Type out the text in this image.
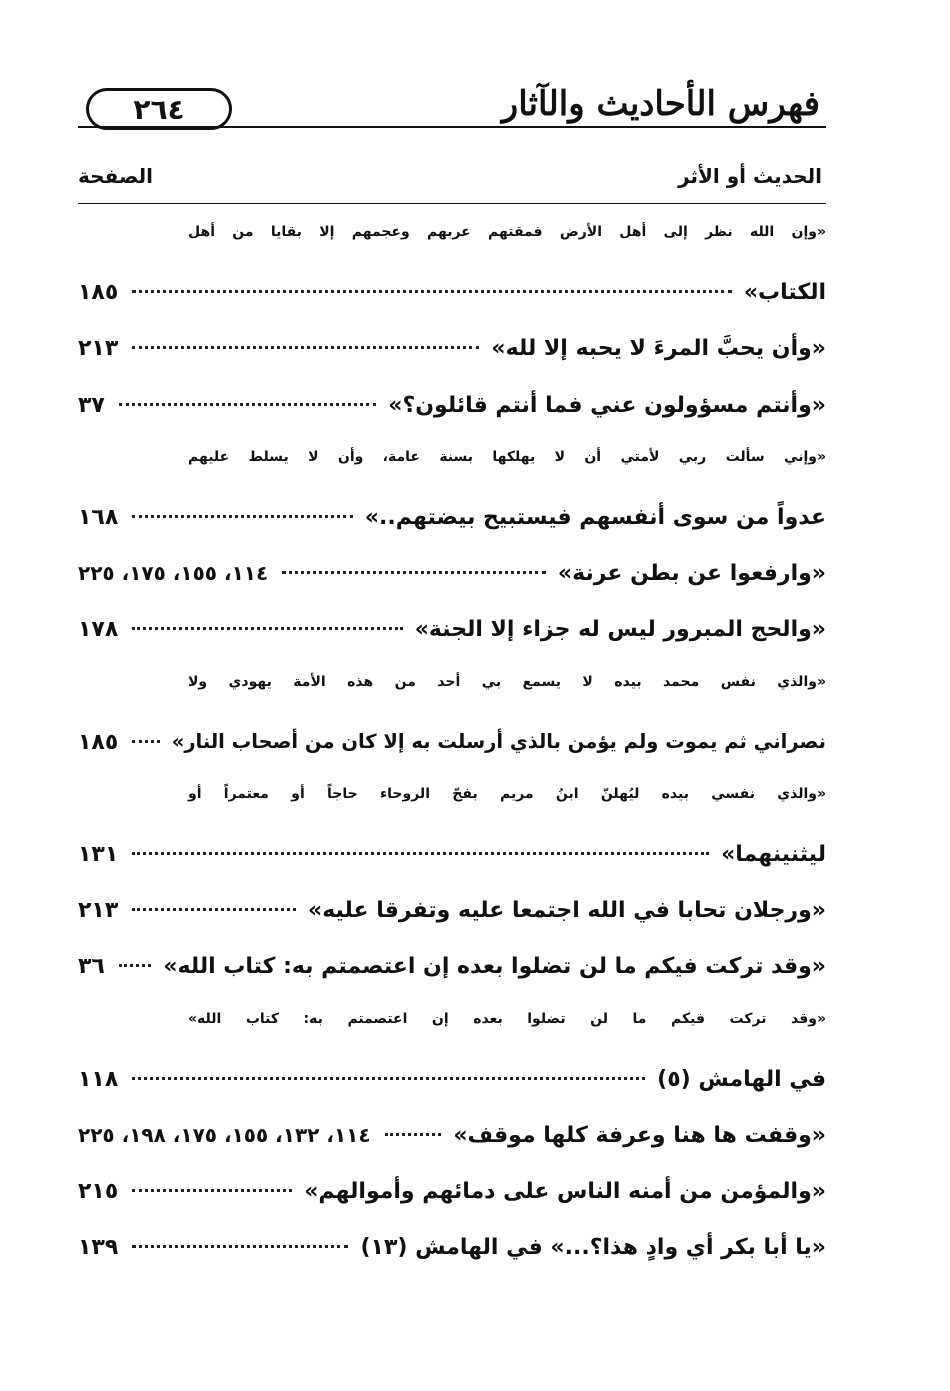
فهرس الأحاديث والآثار
٢٦٤
الحديث أو الأثر
الصفحة
«وإن الله نظر إلى أهل الأرض فمقتهم عربهم وعجمهم إلا بقايا من أهل
الكتاب»
١٨٥
«وأن يحبَّ المرءَ لا يحبه إلا لله»
٢١٣
«وأنتم مسؤولون عني فما أنتم قائلون؟»
٣٧
«وإني سألت ربي لأمتي أن لا يهلكها بسنة عامة، وأن لا يسلط عليهم
عدواً من سوى أنفسهم فيستبيح بيضتهم..»
١٦٨
«وارفعوا عن بطن عرنة»
١١٤، ١٥٥، ١٧٥، ٢٢٥
«والحج المبرور ليس له جزاء إلا الجنة»
١٧٨
«والذي نفس محمد بيده لا يسمع بي أحد من هذه الأمة يهودي ولا
نصراني ثم يموت ولم يؤمن بالذي أرسلت به إلا كان من أصحاب النار»
١٨٥
«والذي نفسي بيده ليُهلنّ ابنُ مريم بفجّ الروحاء حاجاً أو معتمراً أو
ليثنينهما»
١٣١
«ورجلان تحابا في الله اجتمعا عليه وتفرقا عليه»
٢١٣
«وقد تركت فيكم ما لن تضلوا بعده إن اعتصمتم به: كتاب الله»
٣٦
«وقد تركت فيكم ما لن تضلوا بعده إن اعتصمتم به: كتاب الله»
في الهامش (٥)
١١٨
«وقفت ها هنا وعرفة كلها موقف»
١١٤، ١٣٢، ١٥٥، ١٧٥، ١٩٨، ٢٢٥
«والمؤمن من أمنه الناس على دمائهم وأموالهم»
٢١٥
«يا أبا بكر أي وادٍ هذا؟...» في الهامش (١٣)
١٣٩
